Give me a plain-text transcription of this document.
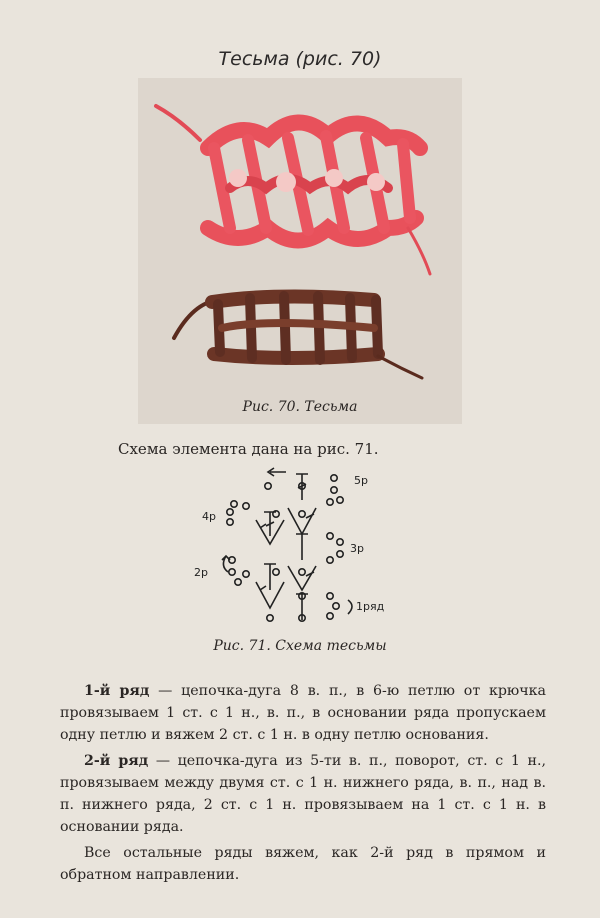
Тесьма (рис. 70)
Рис. 70. Тесьма
Схема элемента дана на рис. 71.
5р
4р
3р
2р
1ряд
Рис. 71. Схема тесьмы

1-й ряд — цепочка-дуга 8 в. п., в 6-ю петлю от крючка провязываем 1 ст. с 1 н., в. п., в основании ряда пропускаем одну петлю и вяжем 2 ст. с 1 н. в одну петлю основания.

2-й ряд — цепочка-дуга из 5-ти в. п., поворот, ст. с 1 н., провязываем между двумя ст. с 1 н. нижнего ряда, в. п., над в. п. нижнего ряда, 2 ст. с 1 н. провязываем на 1 ст. с 1 н. в основании ряда.

Все остальные ряды вяжем, как 2-й ряд в прямом и обратном направлении.
